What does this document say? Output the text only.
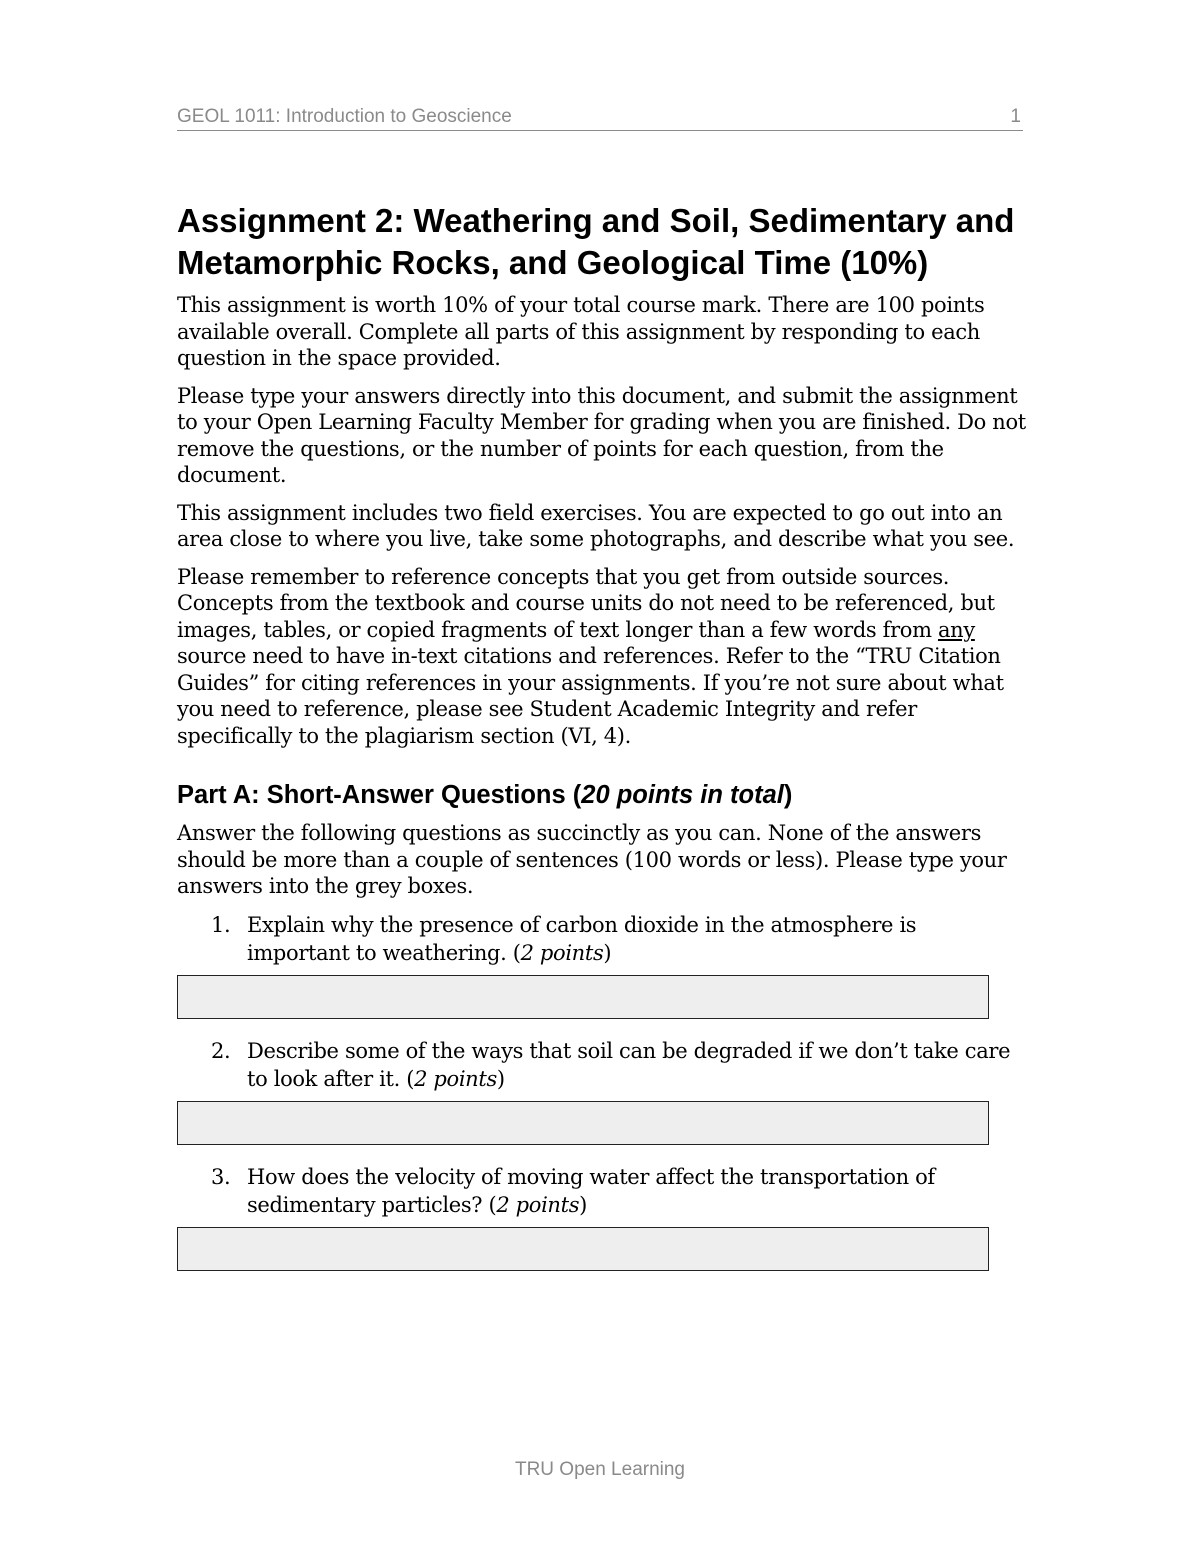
GEOL 1011: Introduction to Geoscience	1
Assignment 2: Weathering and Soil, Sedimentary and Metamorphic Rocks, and Geological Time (10%)

This assignment is worth 10% of your total course mark. There are 100 points available overall. Complete all parts of this assignment by responding to each question in the space provided.

Please type your answers directly into this document, and submit the assignment to your Open Learning Faculty Member for grading when you are finished. Do not remove the questions, or the number of points for each question, from the document.

This assignment includes two field exercises. You are expected to go out into an area close to where you live, take some photographs, and describe what you see.

Please remember to reference concepts that you get from outside sources. Concepts from the textbook and course units do not need to be referenced, but images, tables, or copied fragments of text longer than a few words from any source need to have in-text citations and references. Refer to the “TRU Citation Guides” for citing references in your assignments. If you’re not sure about what you need to reference, please see Student Academic Integrity and refer specifically to the plagiarism section (VI, 4).

Part A: Short-Answer Questions (20 points in total)

Answer the following questions as succinctly as you can. None of the answers should be more than a couple of sentences (100 words or less). Please type your answers into the grey boxes.

1. Explain why the presence of carbon dioxide in the atmosphere is important to weathering. (2 points)
2. Describe some of the ways that soil can be degraded if we don’t take care to look after it. (2 points)
3. How does the velocity of moving water affect the transportation of sedimentary particles? (2 points)
TRU Open Learning
